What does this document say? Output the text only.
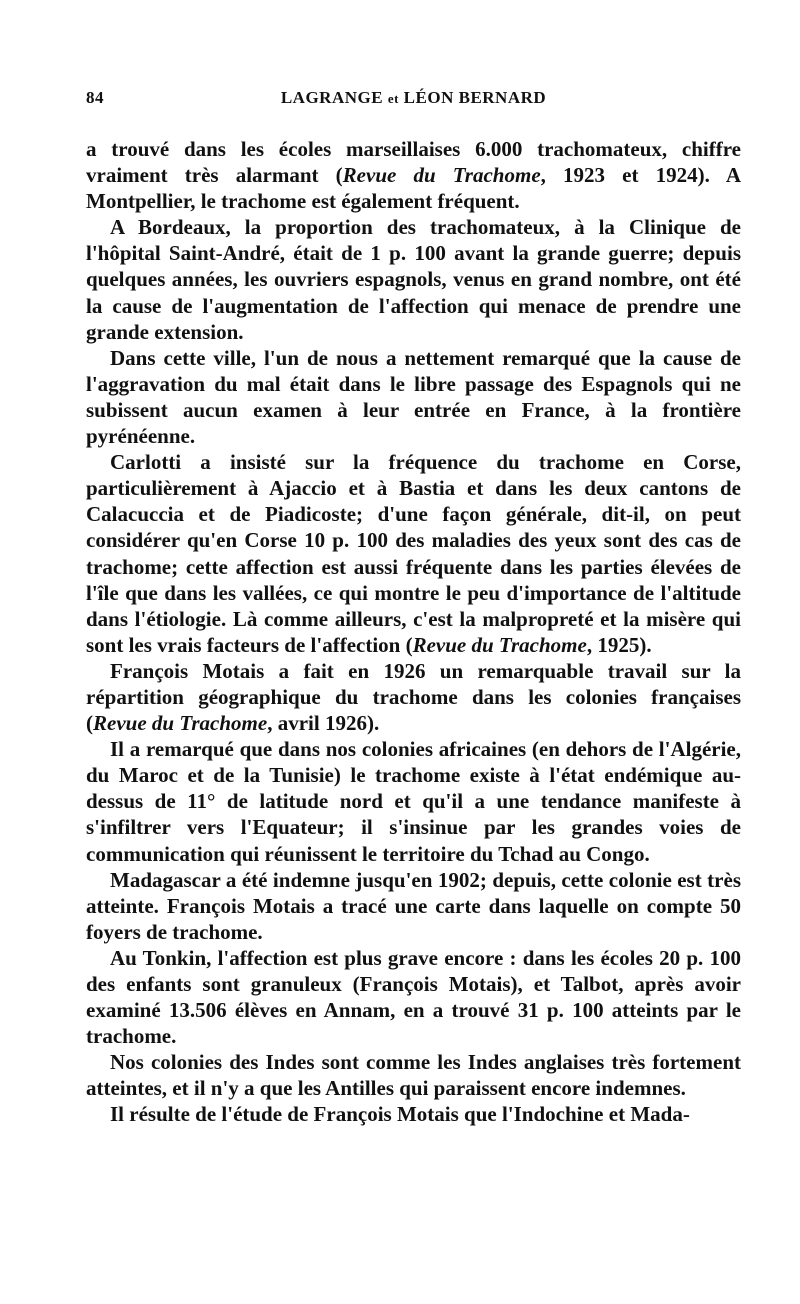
84	LAGRANGE et LÉON BERNARD

a trouvé dans les écoles marseillaises 6.000 trachomateux, chiffre vraiment très alarmant (Revue du Trachome, 1923 et 1924). A Montpellier, le trachome est également fréquent.

A Bordeaux, la proportion des trachomateux, à la Clinique de l'hôpital Saint-André, était de 1 p. 100 avant la grande guerre; depuis quelques années, les ouvriers espagnols, venus en grand nombre, ont été la cause de l'augmentation de l'affection qui menace de prendre une grande extension.

Dans cette ville, l'un de nous a nettement remarqué que la cause de l'aggravation du mal était dans le libre passage des Espagnols qui ne subissent aucun examen à leur entrée en France, à la frontière pyrénéenne.

Carlotti a insisté sur la fréquence du trachome en Corse, particulièrement à Ajaccio et à Bastia et dans les deux cantons de Calacuccia et de Piadicoste; d'une façon générale, dit-il, on peut considérer qu'en Corse 10 p. 100 des maladies des yeux sont des cas de trachome; cette affection est aussi fréquente dans les parties élevées de l'île que dans les vallées, ce qui montre le peu d'importance de l'altitude dans l'étiologie. Là comme ailleurs, c'est la malpropreté et la misère qui sont les vrais facteurs de l'affection (Revue du Trachome, 1925).

François Motais a fait en 1926 un remarquable travail sur la répartition géographique du trachome dans les colonies françaises (Revue du Trachome, avril 1926).

Il a remarqué que dans nos colonies africaines (en dehors de l'Algérie, du Maroc et de la Tunisie) le trachome existe à l'état endémique au-dessus de 11° de latitude nord et qu'il a une tendance manifeste à s'infiltrer vers l'Equateur; il s'insinue par les grandes voies de communication qui réunissent le territoire du Tchad au Congo.

Madagascar a été indemne jusqu'en 1902; depuis, cette colonie est très atteinte. François Motais a tracé une carte dans laquelle on compte 50 foyers de trachome.

Au Tonkin, l'affection est plus grave encore : dans les écoles 20 p. 100 des enfants sont granuleux (François Motais), et Talbot, après avoir examiné 13.506 élèves en Annam, en a trouvé 31 p. 100 atteints par le trachome.

Nos colonies des Indes sont comme les Indes anglaises très fortement atteintes, et il n'y a que les Antilles qui paraissent encore indemnes.

Il résulte de l'étude de François Motais que l'Indochine et Mada-
